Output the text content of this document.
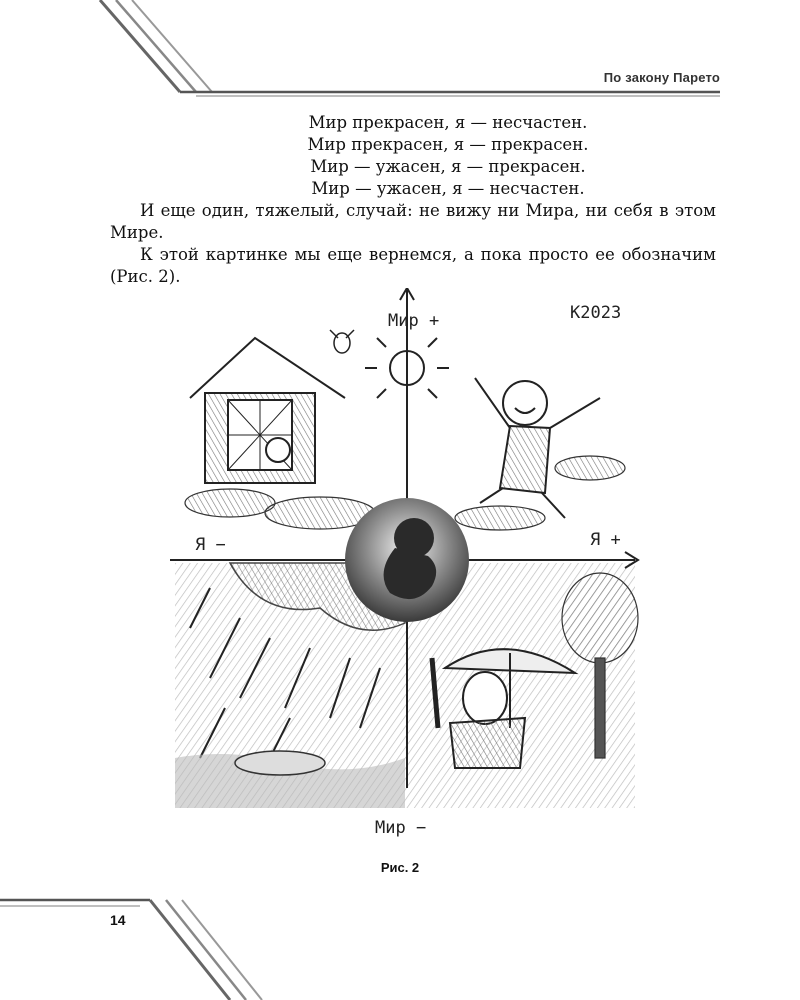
По закону Парето
Мир прекрасен, я — несчастен.
Мир прекрасен, я — прекрасен.
Мир — ужасен, я — прекрасен.
Мир — ужасен, я — несчастен.

И еще один, тяжелый, случай: не вижу ни Мира, ни себя в этом Мире.

К этой картинке мы еще вернемся, а пока просто ее обозначим (Рис. 2).

Мир +
Мир −
Я +
Я −
К2023
Рис. 2
14
